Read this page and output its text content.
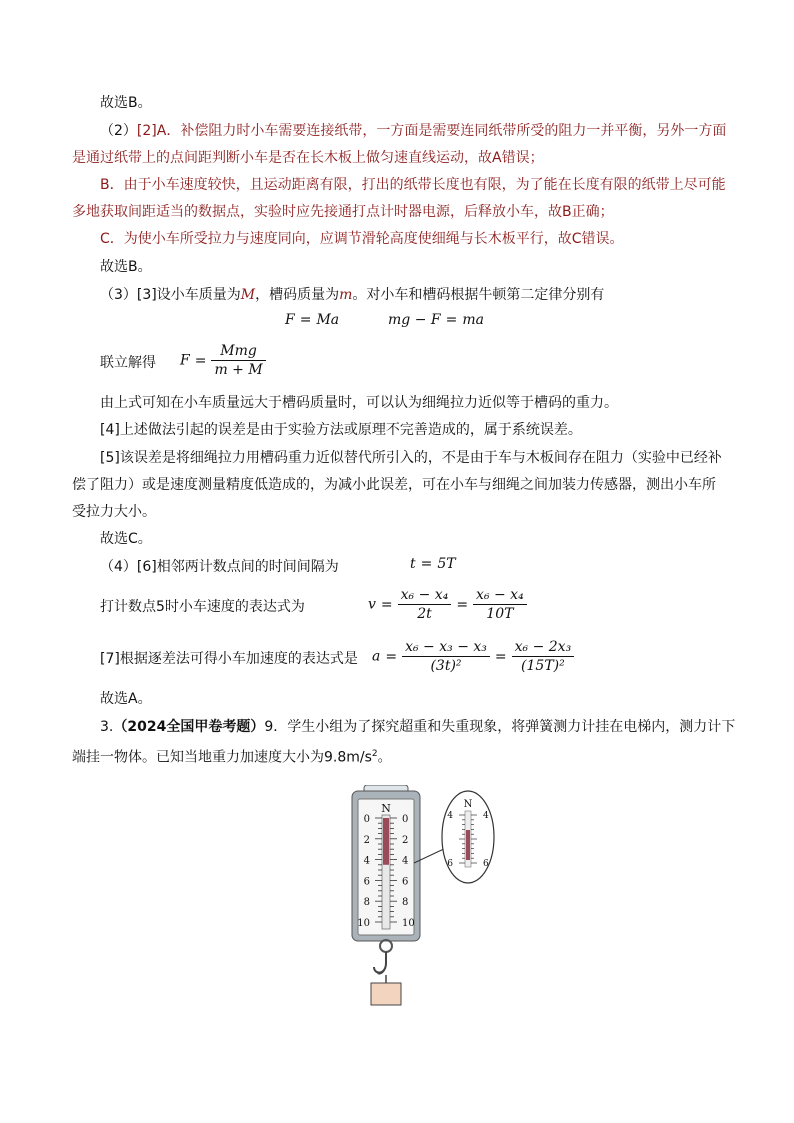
故选B。
（2）[2]A．补偿阻力时小车需要连接纸带，一方面是需要连同纸带所受的阻力一并平衡，另外一方面
是通过纸带上的点间距判断小车是否在长木板上做匀速直线运动，故A错误；
B．由于小车速度较快，且运动距离有限，打出的纸带长度也有限，为了能在长度有限的纸带上尽可能
多地获取间距适当的数据点，实验时应先接通打点计时器电源，后释放小车，故B正确；
C．为使小车所受拉力与速度同向，应调节滑轮高度使细绳与长木板平行，故C错误。
故选B。
（3）[3]设小车质量为M，槽码质量为m。对小车和槽码根据牛顿第二定律分别有
F = Ma	mg − F = ma
联立解得 $F = \frac{\text{Mmg}}{m + M}$
由上式可知在小车质量远大于槽码质量时，可以认为细绳拉力近似等于槽码的重力。
[4]上述做法引起的误差是由于实验方法或原理不完善造成的，属于系统误差。
[5]该误差是将细绳拉力用槽码重力近似替代所引入的，不是由于车与木板间存在阻力（实验中已经补
偿了阻力）或是速度测量精度低造成的，为减小此误差，可在小车与细绳之间加装力传感器，测出小车所
受拉力大小。
故选C。
（4）[6]相邻两计数点间的时间间隔为	t = 5T
打计数点5时小车速度的表达式为	$v = \frac{\text{x₆ − x₄}}{2t} = \frac{\text{x₆ − x₄}}{10T}$
[7]根据逐差法可得小车加速度的表达式是 $a = \frac{\text{x₆ − x₃ − x₃}}{\text{(3t)²}} = \frac{\text{x₆ − 2x₃}}{\text{(15T)²}}$
故选A。
3.（2024全国甲卷考题）9．学生小组为了探究超重和失重现象，将弹簧测力计挂在电梯内，测力计下
端挂一物体。已知当地重力加速度大小为$9.8m/s^2$。
N
0	0
2	2
4	4
6	6
8	8
10	10
N
4	4
6	6
